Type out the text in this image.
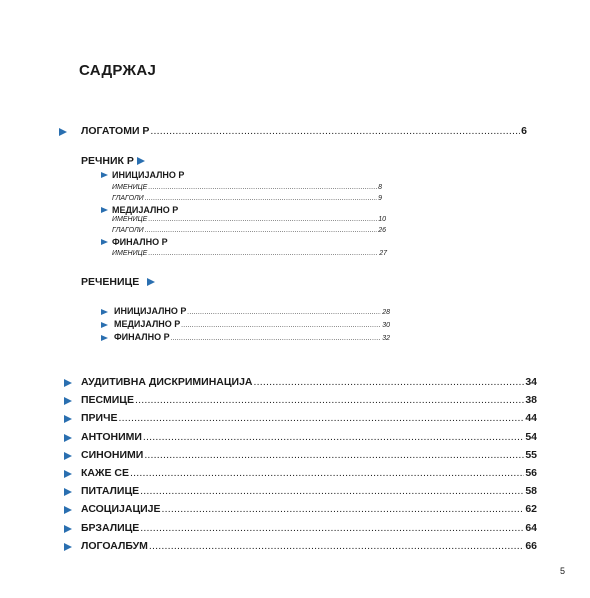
САДРЖАЈ
ЛОГАТОМИ Р .....	6
РЕЧНИК Р
ИНИЦИЈАЛНО Р
ИМЕНИЦЕ .....	8
ГЛАГОЛИ .....	9
МЕДИЈАЛНО Р
ИМЕНИЦЕ .....	10
ГЛАГОЛИ .....	26
ФИНАЛНО Р
ИМЕНИЦЕ .....	27
РЕЧЕНИЦЕ
ИНИЦИЈАЛНО Р .....	28
МЕДИЈАЛНО Р .....	30
ФИНАЛНО Р .....	32
АУДИТИВНА ДИСКРИМИНАЦИЈА .....	34
ПЕСМИЦЕ .....	38
ПРИЧЕ .....	44
АНТОНИМИ .....	54
СИНОНИМИ .....	55
КАЖЕ СЕ .....	56
ПИТАЛИЦЕ .....	58
АСОЦИЈАЦИЈЕ .....	62
БРЗАЛИЦЕ .....	64
ЛОГОАЛБУМ .....	66
5
